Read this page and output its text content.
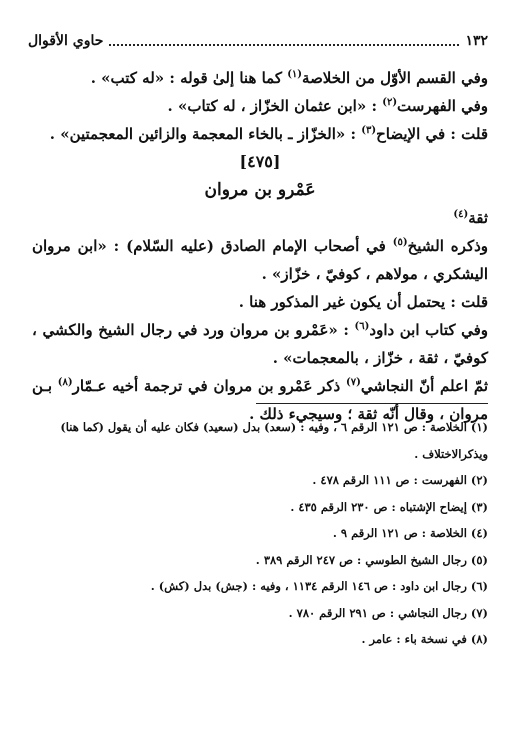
١٣٢
حاوي الأقوال

وفي القسم الأوّل من الخلاصة$^{(١)}$ كما هنا إلىٰ قوله : «له كتب» .

وفي الفهرست$^{(٢)}$ : «ابن عثمان الخزّاز ، له كتاب» .

قلت : في الإيضاح$^{(٣)}$ : «الخزّاز ـ بالخاء المعجمة والزائين المعجمتين» .

[٤٧٥]

عَمْرو بن مروان

ثقة$^{(٤)}$

وذكره الشيخ$^{(٥)}$ في أصحاب الإمام الصادق (عليه السّلام) : «ابن مروان اليشكري ، مولاهم ، كوفيّ ، خزّاز» .

قلت : يحتمل أن يكون غير المذكور هنا .

وفي كتاب ابن داود$^{(٦)}$ : «عَمْرو بن مروان ورد في رجال الشيخ والكشي ، كوفيّ ، ثقة ، خزّاز ، بالمعجمات» .

ثمّ اعلم أنّ النجاشي$^{(٧)}$ ذكر عَمْرو بن مروان في ترجمة أخيه عـمّار$^{(٨)}$ بـن مروان ، وقال أنّه ثقة ؛ وسيجيء ذلك .

(١) الخلاصة : ص ١٢١ الرقم ٦ ، وفيه : (سعد) بدل (سعيد) فكان عليه أن يقول (كما هنا) ويذكرالاختلاف .

(٢) الفهرست : ص ١١١ الرقم ٤٧٨ .

(٣) إيضاح الإشتباه : ص ٢٣٠ الرقم ٤٣٥ .

(٤) الخلاصة : ص ١٢١ الرقم ٩ .

(٥) رجال الشيخ الطوسي : ص ٢٤٧ الرقم ٣٨٩ .

(٦) رجال ابن داود : ص ١٤٦ الرقم ١١٣٤ ، وفيه : (جش) بدل (كش) .

(٧) رجال النجاشي : ص ٢٩١ الرقم ٧٨٠ .

(٨) في نسخة باء : عامر .
